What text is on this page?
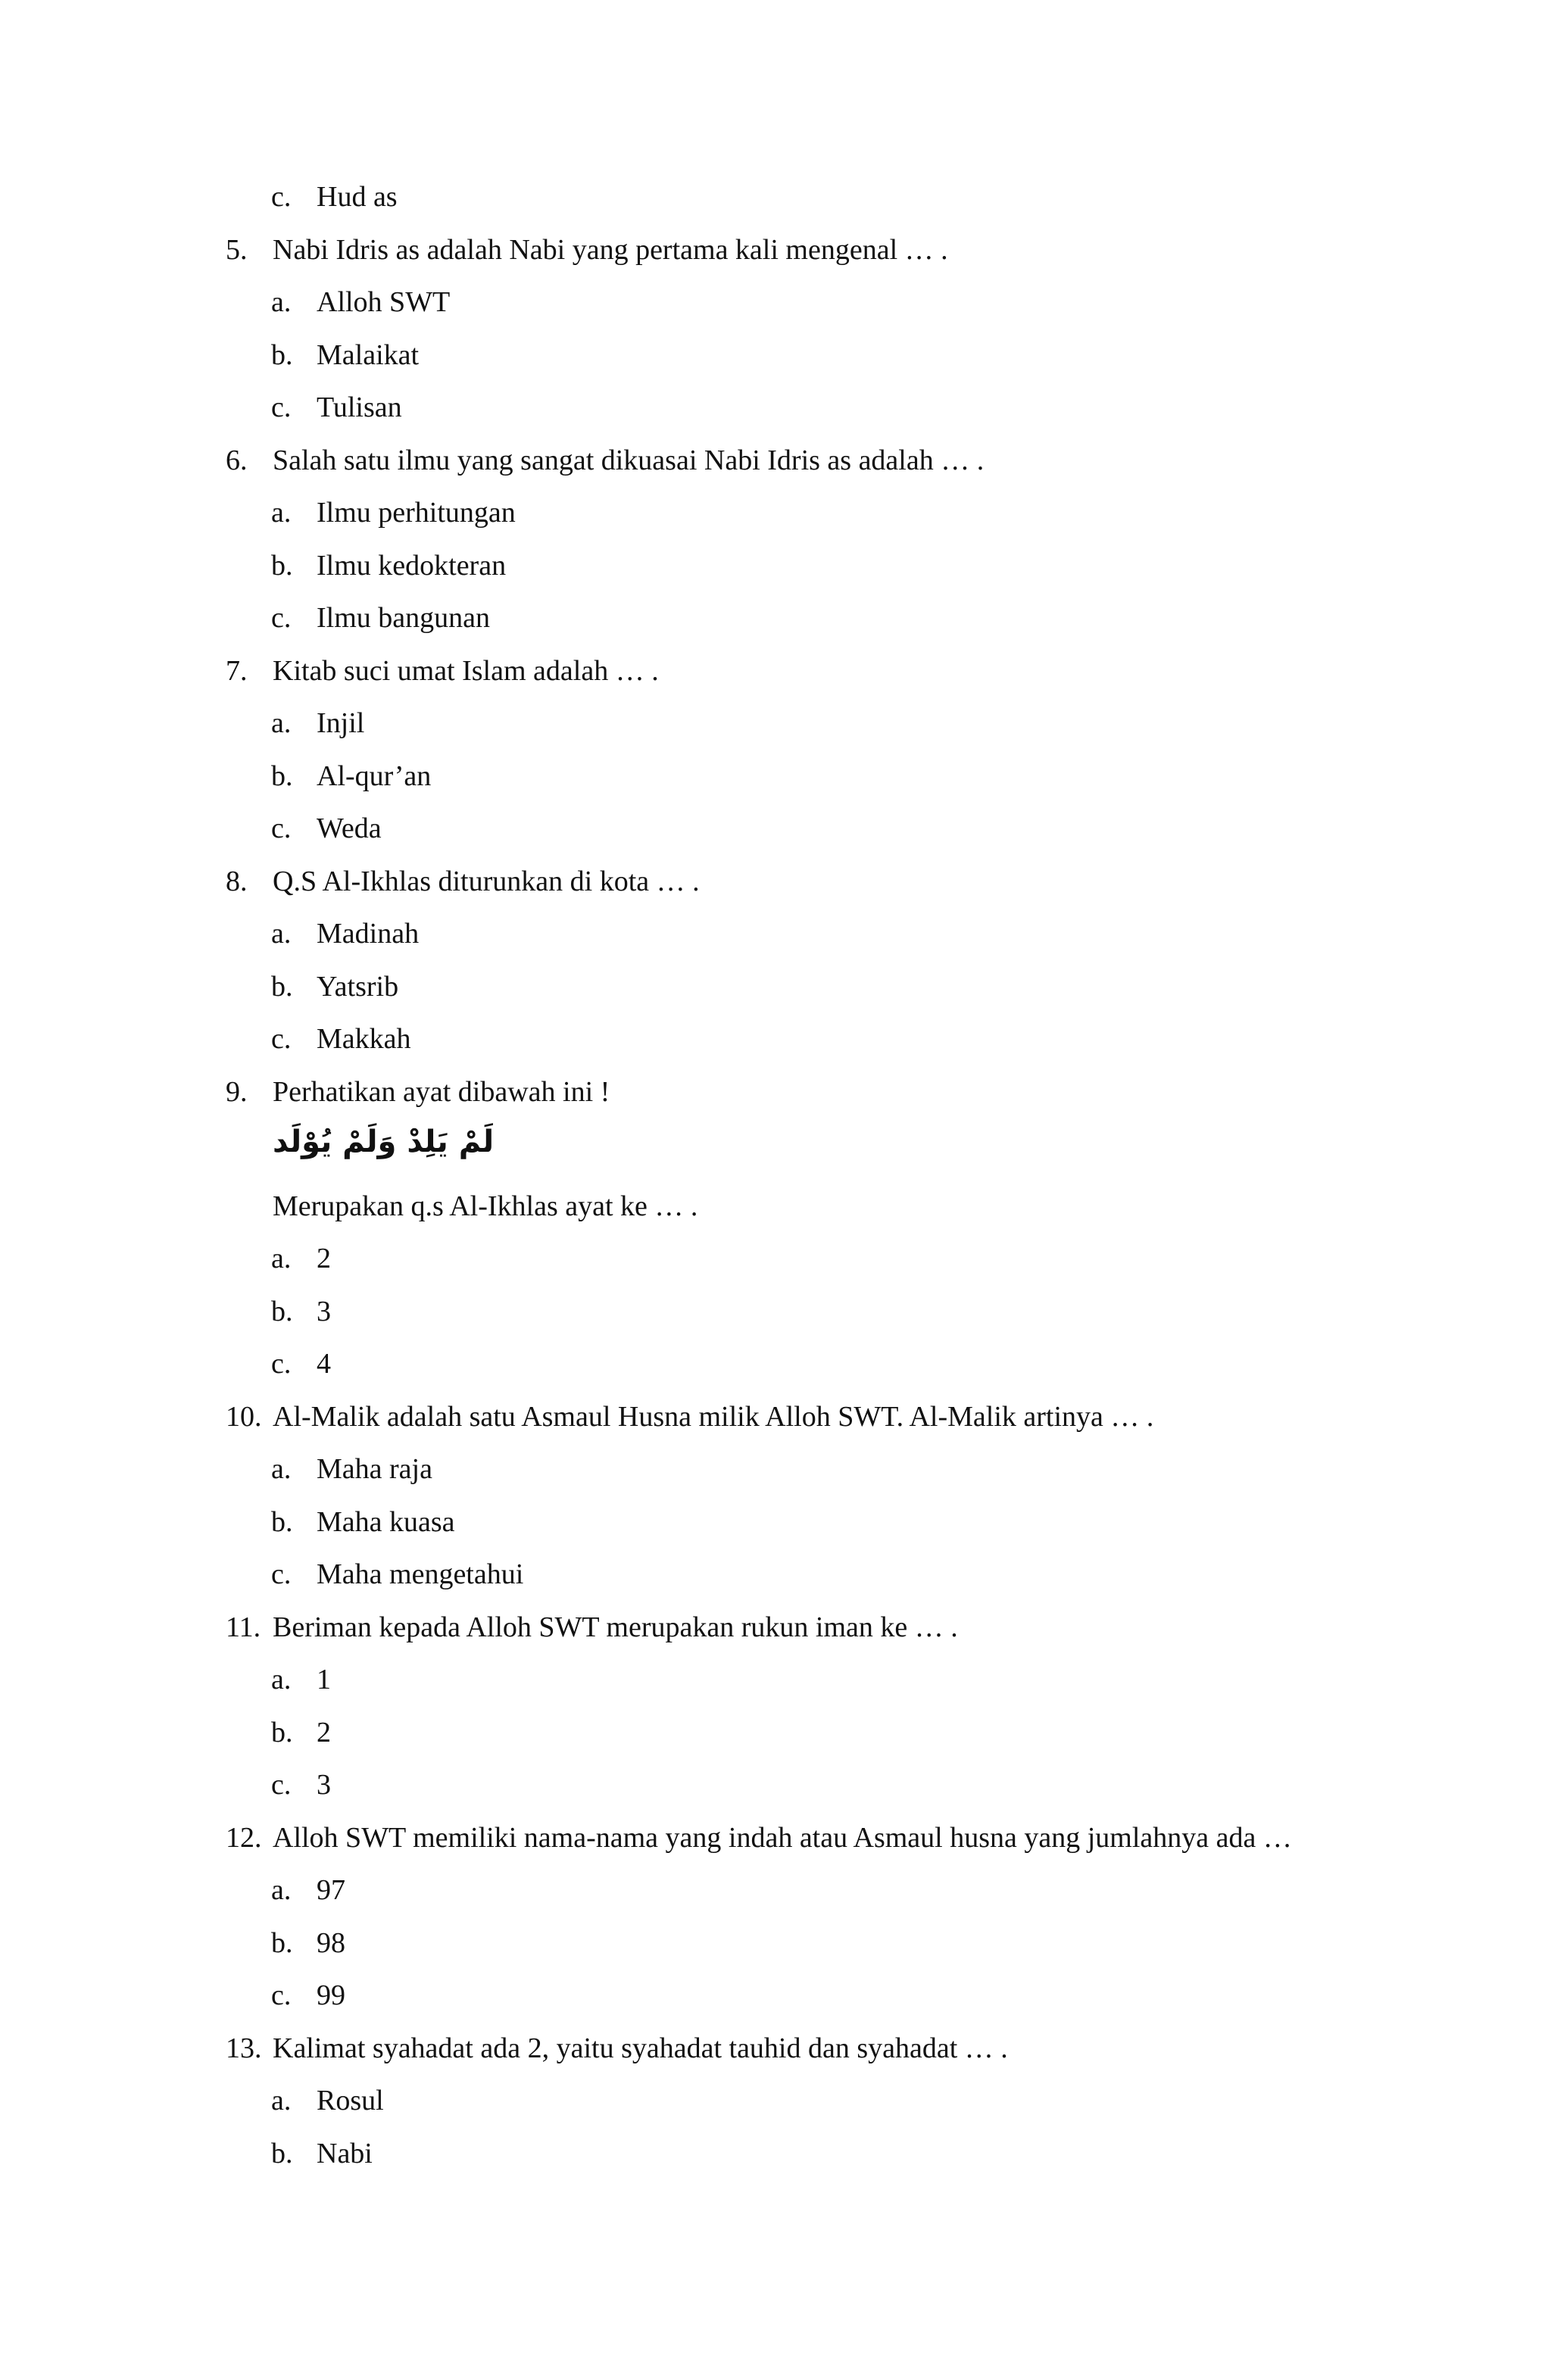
c. Hud as
5. Nabi Idris as adalah Nabi yang pertama kali mengenal … .
a. Alloh SWT
b. Malaikat
c. Tulisan
6. Salah satu ilmu yang sangat dikuasai Nabi Idris as adalah … .
a. Ilmu perhitungan
b. Ilmu kedokteran
c. Ilmu bangunan
7. Kitab suci umat Islam adalah … .
a. Injil
b. Al-qur’an
c. Weda
8. Q.S Al-Ikhlas diturunkan di kota … .
a. Madinah
b. Yatsrib
c. Makkah
9. Perhatikan ayat dibawah ini !
لَمْ يَلِدْ وَلَمْ يُوْلَد
Merupakan q.s Al-Ikhlas ayat ke … .
a. 2
b. 3
c. 4
10. Al-Malik adalah satu Asmaul Husna milik Alloh SWT. Al-Malik artinya … .
a. Maha raja
b. Maha kuasa
c. Maha mengetahui
11. Beriman kepada Alloh SWT merupakan rukun iman ke … .
a. 1
b. 2
c. 3
12. Alloh SWT memiliki nama-nama yang indah atau Asmaul husna yang jumlahnya ada …
a. 97
b. 98
c. 99
13. Kalimat syahadat ada 2, yaitu syahadat tauhid dan syahadat … .
a. Rosul
b. Nabi
